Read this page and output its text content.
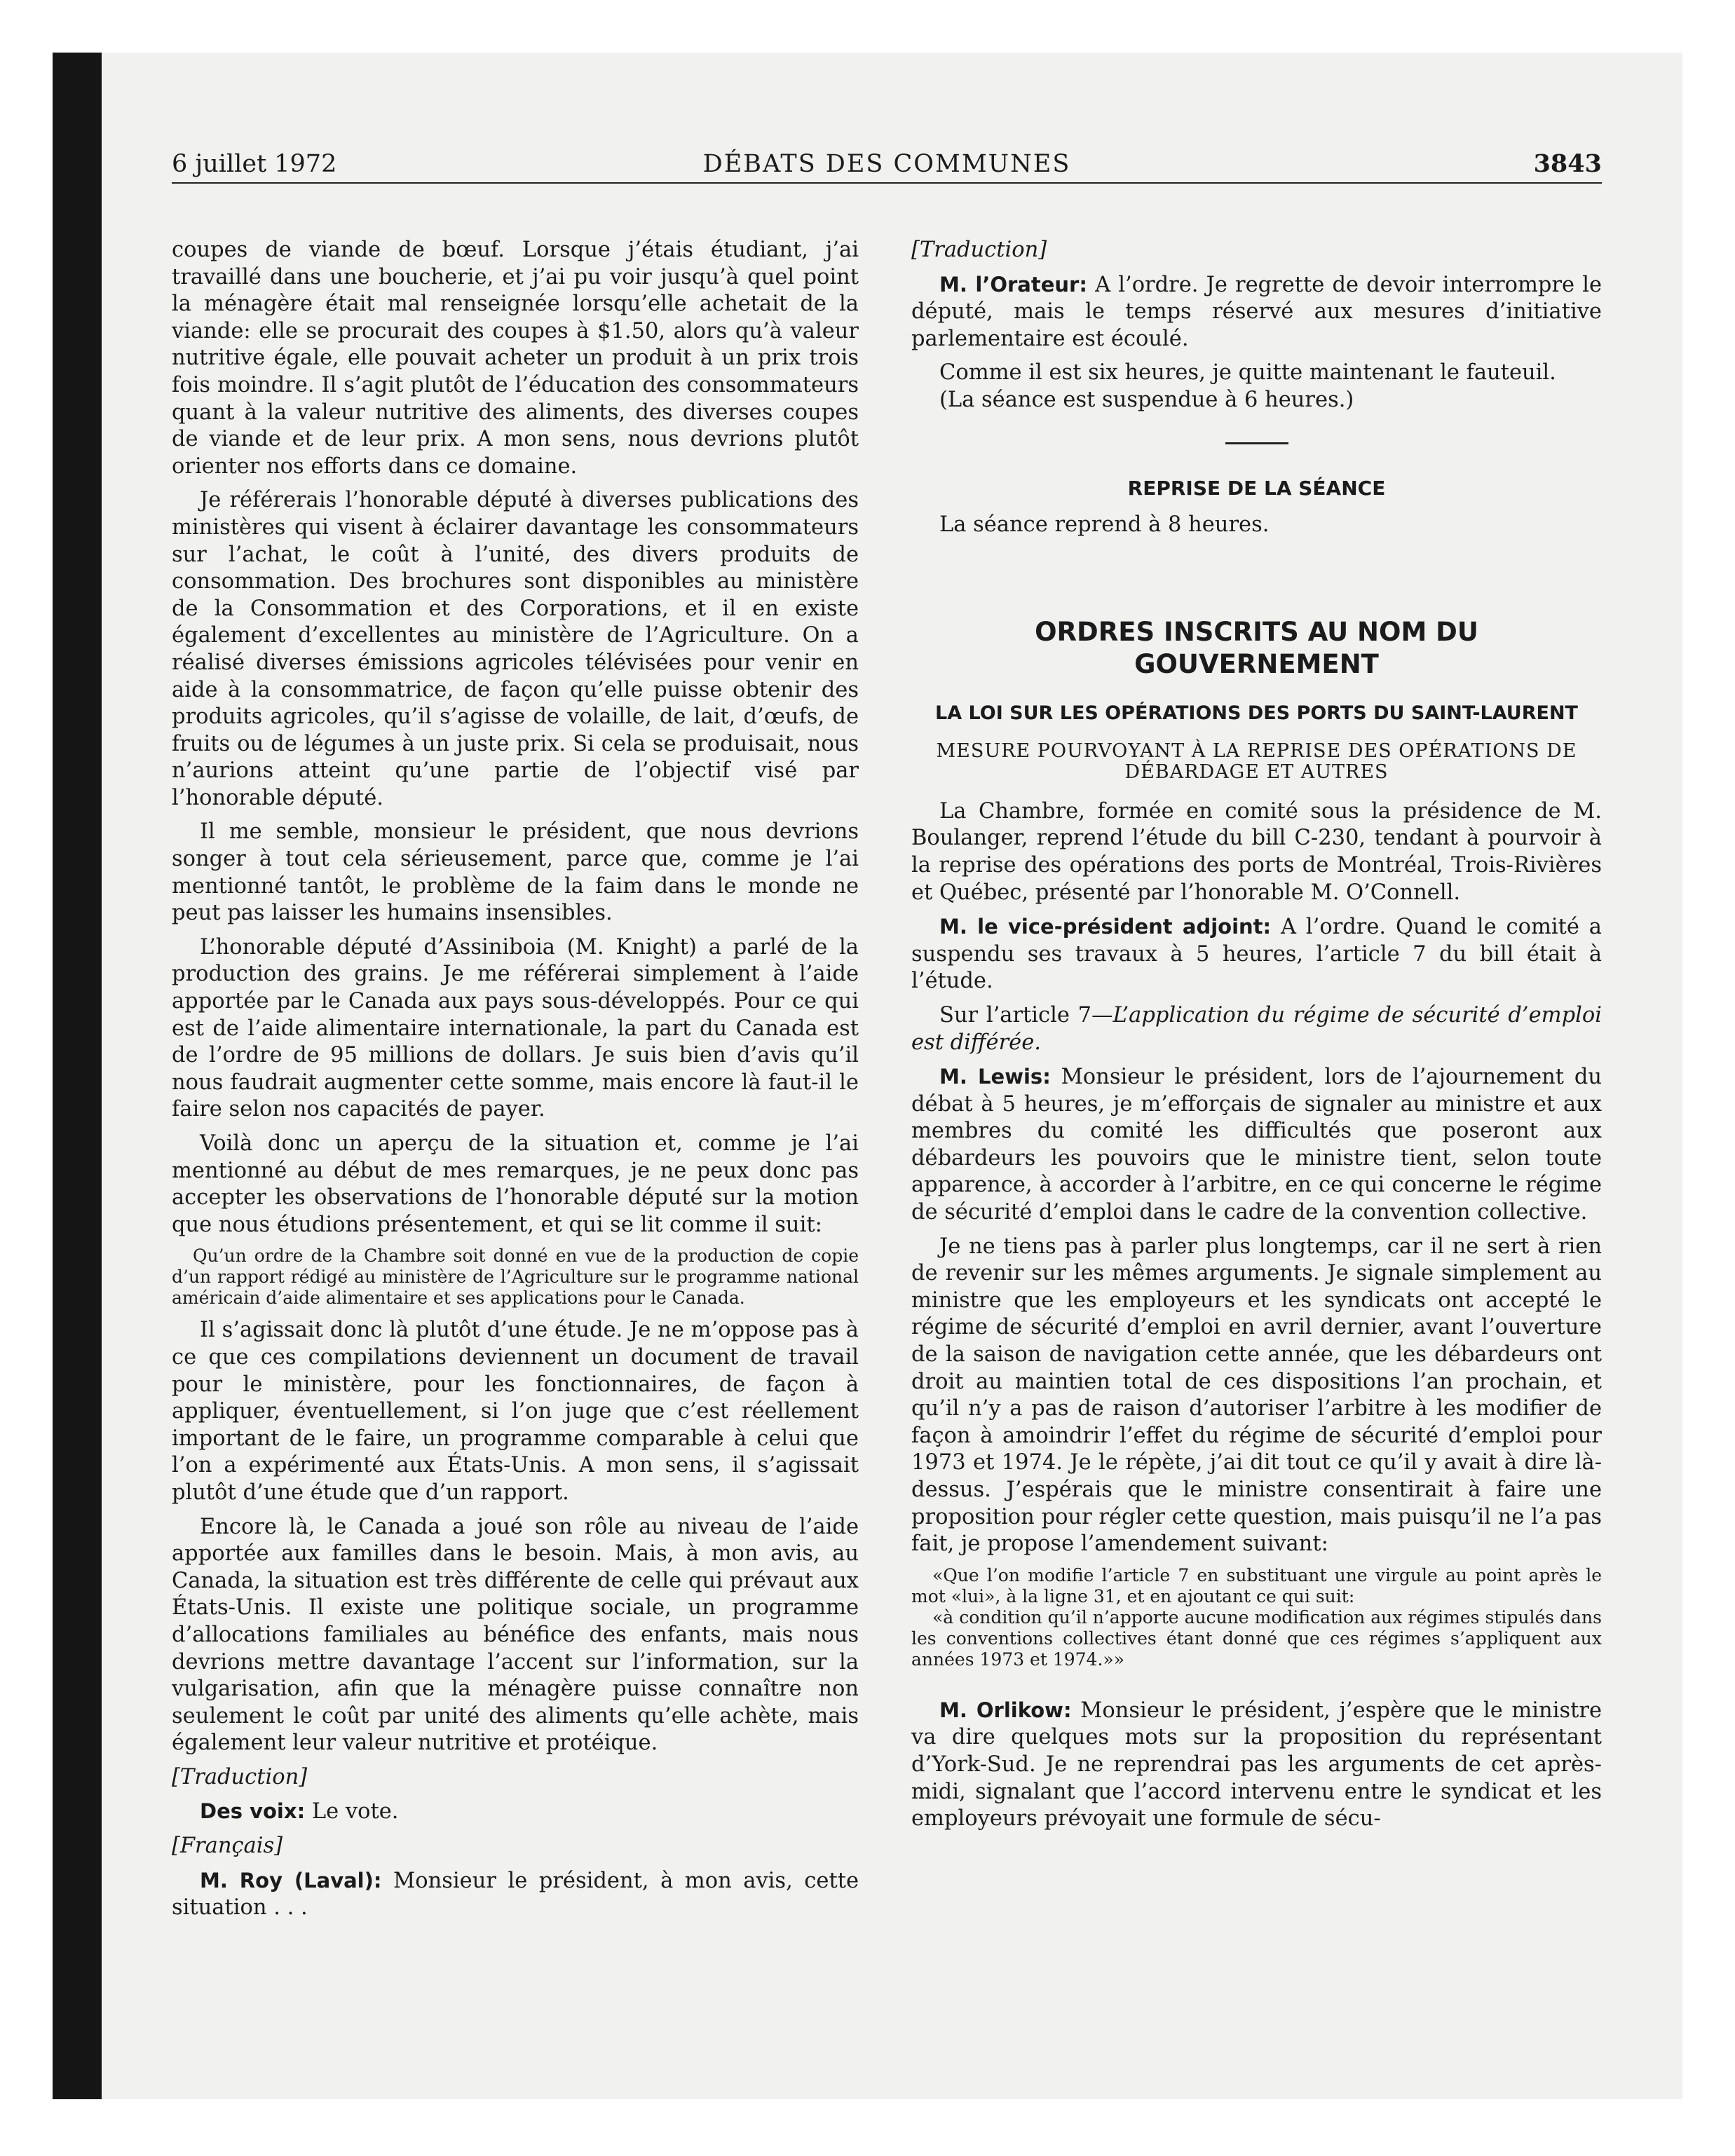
6 juillet 1972	DÉBATS DES COMMUNES	3843

coupes de viande de bœuf. Lorsque j’étais étudiant, j’ai travaillé dans une boucherie, et j’ai pu voir jusqu’à quel point la ménagère était mal renseignée lorsqu’elle achetait de la viande: elle se procurait des coupes à $1.50, alors qu’à valeur nutritive égale, elle pouvait acheter un produit à un prix trois fois moindre. Il s’agit plutôt de l’éducation des consommateurs quant à la valeur nutritive des aliments, des diverses coupes de viande et de leur prix. A mon sens, nous devrions plutôt orienter nos efforts dans ce domaine.

Je référerais l’honorable député à diverses publications des ministères qui visent à éclairer davantage les consommateurs sur l’achat, le coût à l’unité, des divers produits de consommation. Des brochures sont disponibles au ministère de la Consommation et des Corporations, et il en existe également d’excellentes au ministère de l’Agriculture. On a réalisé diverses émissions agricoles télévisées pour venir en aide à la consommatrice, de façon qu’elle puisse obtenir des produits agricoles, qu’il s’agisse de volaille, de lait, d’œufs, de fruits ou de légumes à un juste prix. Si cela se produisait, nous n’aurions atteint qu’une partie de l’objectif visé par l’honorable député.

Il me semble, monsieur le président, que nous devrions songer à tout cela sérieusement, parce que, comme je l’ai mentionné tantôt, le problème de la faim dans le monde ne peut pas laisser les humains insensibles.

L’honorable député d’Assiniboia (M. Knight) a parlé de la production des grains. Je me référerai simplement à l’aide apportée par le Canada aux pays sous-développés. Pour ce qui est de l’aide alimentaire internationale, la part du Canada est de l’ordre de 95 millions de dollars. Je suis bien d’avis qu’il nous faudrait augmenter cette somme, mais encore là faut-il le faire selon nos capacités de payer.

Voilà donc un aperçu de la situation et, comme je l’ai mentionné au début de mes remarques, je ne peux donc pas accepter les observations de l’honorable député sur la motion que nous étudions présentement, et qui se lit comme il suit:

Qu’un ordre de la Chambre soit donné en vue de la production de copie d’un rapport rédigé au ministère de l’Agriculture sur le programme national américain d’aide alimentaire et ses applications pour le Canada.

Il s’agissait donc là plutôt d’une étude. Je ne m’oppose pas à ce que ces compilations deviennent un document de travail pour le ministère, pour les fonctionnaires, de façon à appliquer, éventuellement, si l’on juge que c’est réellement important de le faire, un programme comparable à celui que l’on a expérimenté aux États-Unis. A mon sens, il s’agissait plutôt d’une étude que d’un rapport.

Encore là, le Canada a joué son rôle au niveau de l’aide apportée aux familles dans le besoin. Mais, à mon avis, au Canada, la situation est très différente de celle qui prévaut aux États-Unis. Il existe une politique sociale, un programme d’allocations familiales au bénéfice des enfants, mais nous devrions mettre davantage l’accent sur l’information, sur la vulgarisation, afin que la ménagère puisse connaître non seulement le coût par unité des aliments qu’elle achète, mais également leur valeur nutritive et protéique.

[Traduction]

Des voix: Le vote.

[Français]

M. Roy (Laval): Monsieur le président, à mon avis, cette situation . . .

[Traduction]

M. l’Orateur: A l’ordre. Je regrette de devoir interrompre le député, mais le temps réservé aux mesures d’initiative parlementaire est écoulé.

Comme il est six heures, je quitte maintenant le fauteuil.

(La séance est suspendue à 6 heures.)

REPRISE DE LA SÉANCE

La séance reprend à 8 heures.

ORDRES INSCRITS AU NOM DU GOUVERNEMENT
LA LOI SUR LES OPÉRATIONS DES PORTS DU SAINT-LAURENT
MESURE POURVOYANT À LA REPRISE DES OPÉRATIONS DE DÉBARDAGE ET AUTRES

La Chambre, formée en comité sous la présidence de M. Boulanger, reprend l’étude du bill C-230, tendant à pourvoir à la reprise des opérations des ports de Montréal, Trois-Rivières et Québec, présenté par l’honorable M. O’Connell.

M. le vice-président adjoint: A l’ordre. Quand le comité a suspendu ses travaux à 5 heures, l’article 7 du bill était à l’étude.

Sur l’article 7—L’application du régime de sécurité d’emploi est différée.

M. Lewis: Monsieur le président, lors de l’ajournement du débat à 5 heures, je m’efforçais de signaler au ministre et aux membres du comité les difficultés que poseront aux débardeurs les pouvoirs que le ministre tient, selon toute apparence, à accorder à l’arbitre, en ce qui concerne le régime de sécurité d’emploi dans le cadre de la convention collective.

Je ne tiens pas à parler plus longtemps, car il ne sert à rien de revenir sur les mêmes arguments. Je signale simplement au ministre que les employeurs et les syndicats ont accepté le régime de sécurité d’emploi en avril dernier, avant l’ouverture de la saison de navigation cette année, que les débardeurs ont droit au maintien total de ces dispositions l’an prochain, et qu’il n’y a pas de raison d’autoriser l’arbitre à les modifier de façon à amoindrir l’effet du régime de sécurité d’emploi pour 1973 et 1974. Je le répète, j’ai dit tout ce qu’il y avait à dire là-dessus. J’espérais que le ministre consentirait à faire une proposition pour régler cette question, mais puisqu’il ne l’a pas fait, je propose l’amendement suivant:

«Que l’on modifie l’article 7 en substituant une virgule au point après le mot «lui», à la ligne 31, et en ajoutant ce qui suit:
«à condition qu’il n’apporte aucune modification aux régimes stipulés dans les conventions collectives étant donné que ces régimes s’appliquent aux années 1973 et 1974.»»

M. Orlikow: Monsieur le président, j’espère que le ministre va dire quelques mots sur la proposition du représentant d’York-Sud. Je ne reprendrai pas les arguments de cet après-midi, signalant que l’accord intervenu entre le syndicat et les employeurs prévoyait une formule de sécu-
